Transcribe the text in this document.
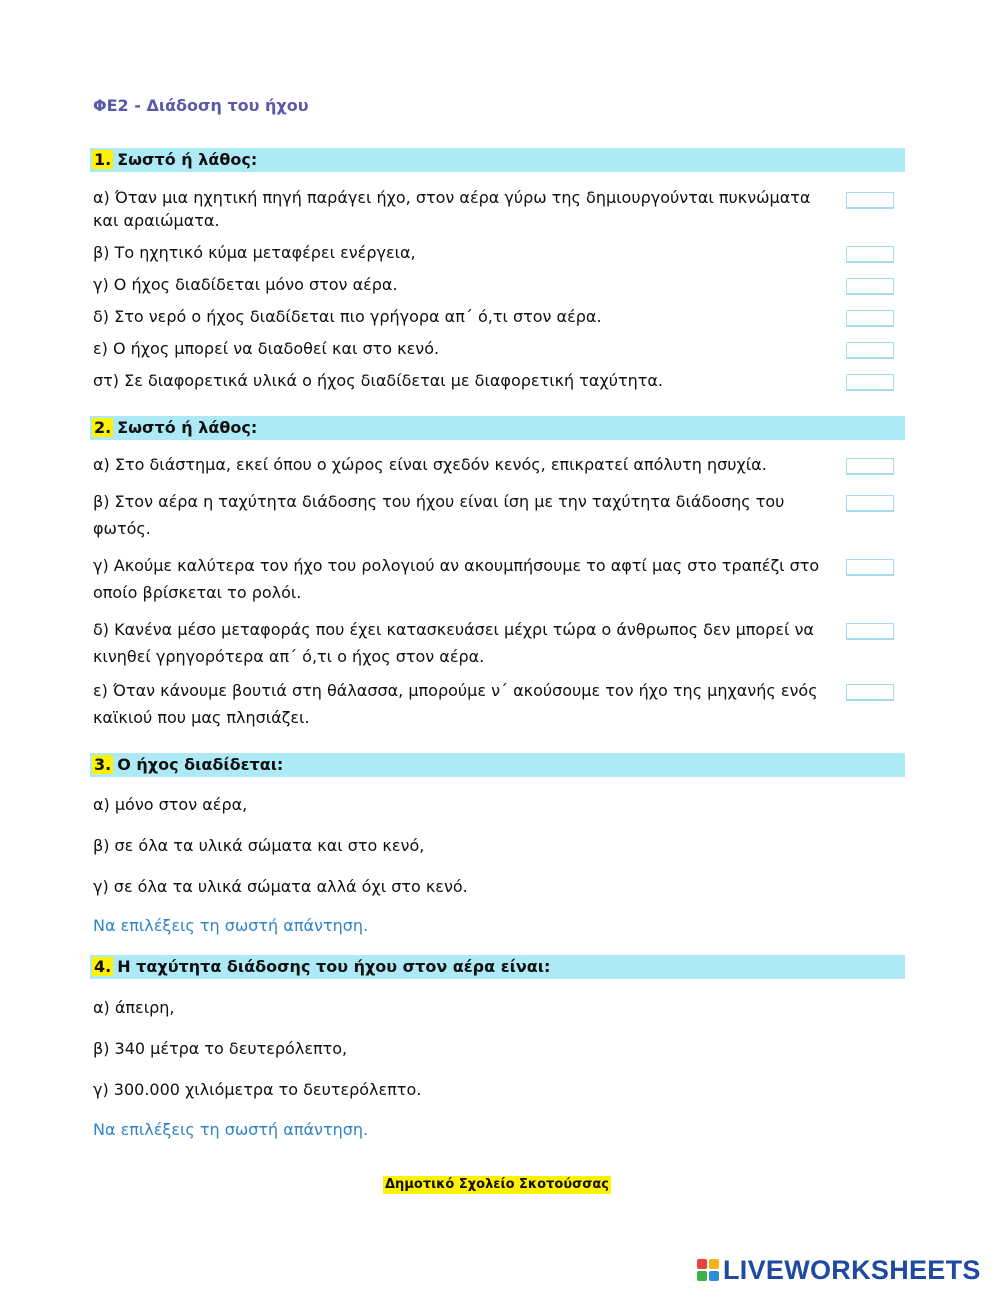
ΦΕ2 - Διάδοση του ήχου
1. Σωστό ή λάθος:
α) Όταν μια ηχητική πηγή παράγει ήχο, στον αέρα γύρω της δημιουργούνται πυκνώματα και αραιώματα.
β) Το ηχητικό κύμα μεταφέρει ενέργεια,
γ) Ο ήχος διαδίδεται μόνο στον αέρα.
δ) Στο νερό ο ήχος διαδίδεται πιο γρήγορα απ΄ ό,τι στον αέρα.
ε) Ο ήχος μπορεί να διαδοθεί και στο κενό.
στ) Σε διαφορετικά υλικά ο ήχος διαδίδεται με διαφορετική ταχύτητα.
2. Σωστό ή λάθος:
α) Στο διάστημα, εκεί όπου ο χώρος είναι σχεδόν κενός, επικρατεί απόλυτη ησυχία.
β) Στον αέρα η ταχύτητα διάδοσης του ήχου είναι ίση με την ταχύτητα διάδοσης του φωτός.
γ) Ακούμε καλύτερα τον ήχο του ρολογιού αν ακουμπήσουμε το αφτί μας στο τραπέζι στο οποίο βρίσκεται το ρολόι.
δ) Κανένα μέσο μεταφοράς που έχει κατασκευάσει μέχρι τώρα ο άνθρωπος δεν μπορεί να κινηθεί γρηγορότερα απ΄ ό,τι ο ήχος στον αέρα.
ε) Όταν κάνουμε βουτιά στη θάλασσα, μπορούμε ν΄ ακούσουμε τον ήχο της μηχανής ενός καϊκιού που μας πλησιάζει.
3. Ο ήχος διαδίδεται:
α) μόνο στον αέρα,
β) σε όλα τα υλικά σώματα και στο κενό,
γ) σε όλα τα υλικά σώματα αλλά όχι στο κενό.
Να επιλέξεις τη σωστή απάντηση.
4. Η ταχύτητα διάδοσης του ήχου στον αέρα είναι:
α) άπειρη,
β) 340 μέτρα το δευτερόλεπτο,
γ) 300.000 χιλιόμετρα το δευτερόλεπτο.
Να επιλέξεις τη σωστή απάντηση.
Δημοτικό Σχολείο Σκοτούσσας
LIVEWORKSHEETS
